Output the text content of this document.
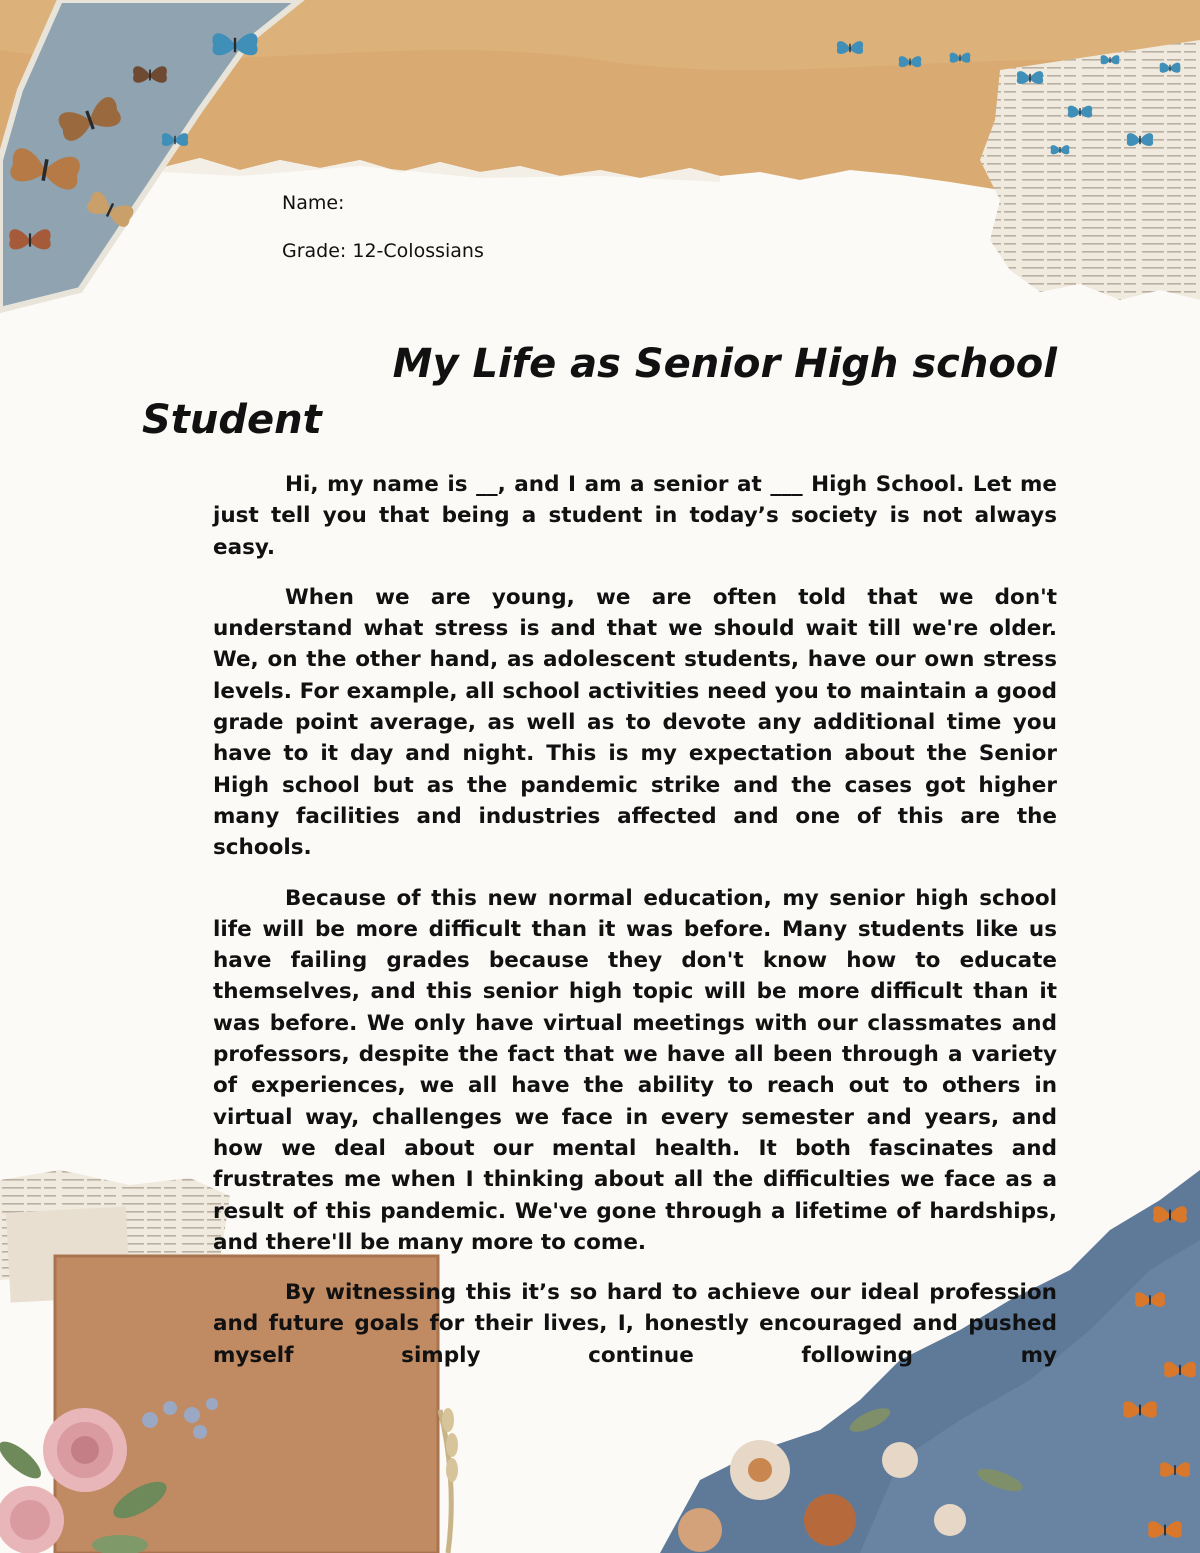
Name:
Grade: 12-Colossians
My Life as Senior High school
Student

Hi, my name is __, and I am a senior at ___ High School. Let me just tell you that being a student in today’s society is not always easy.

When we are young, we are often told that we don't understand what stress is and that we should wait till we're older. We, on the other hand, as adolescent students, have our own stress levels. For example, all school activities need you to maintain a good grade point average, as well as to devote any additional time you have to it day and night. This is my expectation about the Senior High school but as the pandemic strike and the cases got higher many facilities and industries affected and one of this are the schools.

Because of this new normal education, my senior high school life will be more difficult than it was before. Many students like us have failing grades because they don't know how to educate themselves, and this senior high topic will be more difficult than it was before. We only have virtual meetings with our classmates and professors, despite the fact that we have all been through a variety of experiences, we all have the ability to reach out to others in virtual way, challenges we face in every semester and years, and how we deal about our mental health. It both fascinates and frustrates me when I thinking about all the difficulties we face as a result of this pandemic. We've gone through a lifetime of hardships, and there'll be many more to come.

By witnessing this it’s so hard to achieve our ideal profession and future goals for their lives, I, honestly encouraged and pushed myself simply continue following my
